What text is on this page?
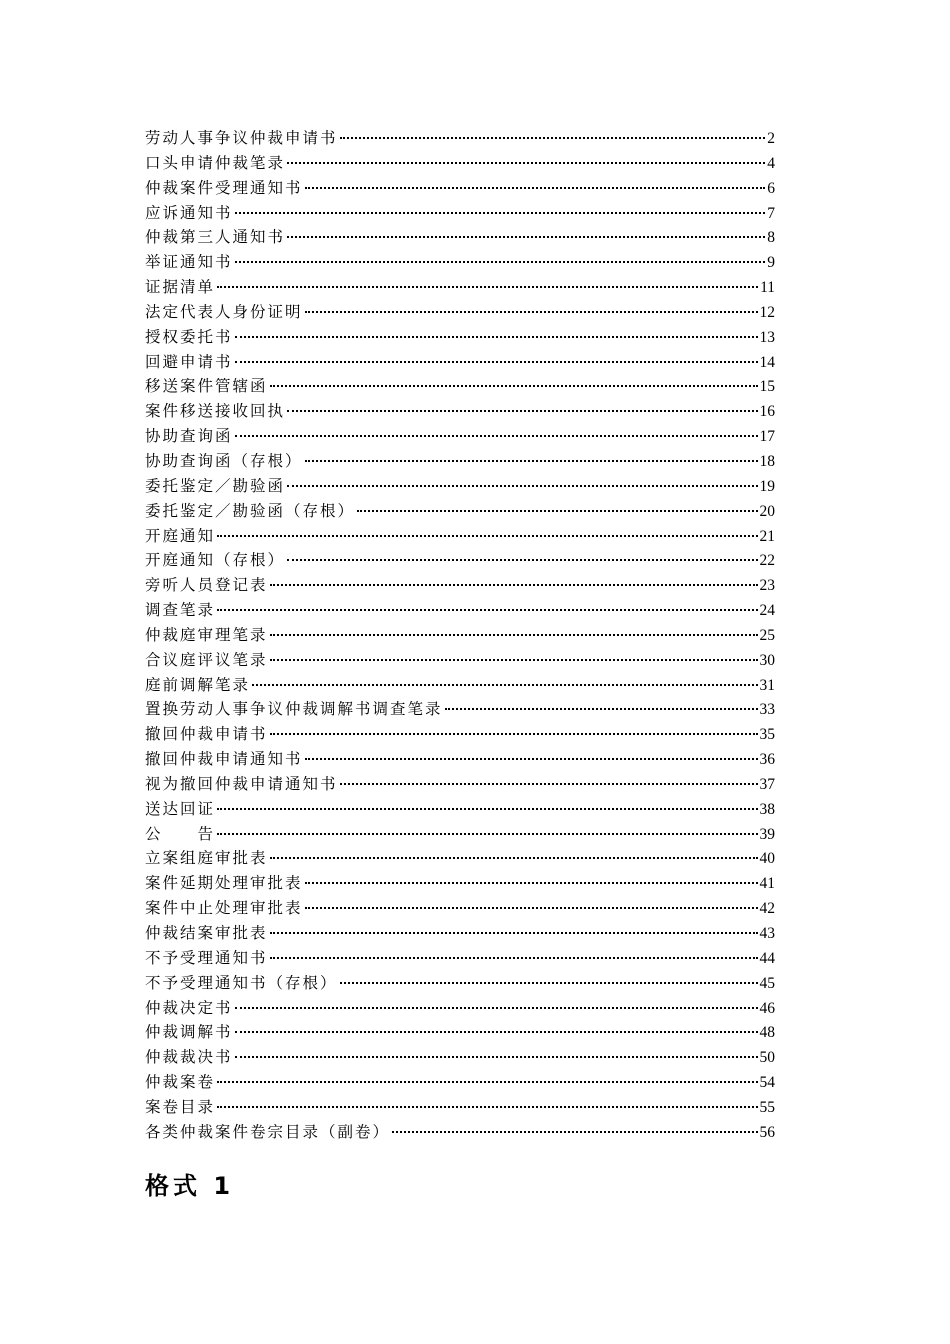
劳动人事争议仲裁申请书	2
口头申请仲裁笔录	4
仲裁案件受理通知书	6
应诉通知书	7
仲裁第三人通知书	8
举证通知书	9
证据清单	11
法定代表人身份证明	12
授权委托书	13
回避申请书	14
移送案件管辖函	15
案件移送接收回执	16
协助查询函	17
协助查询函（存根）	18
委托鉴定／勘验函	19
委托鉴定／勘验函（存根）	20
开庭通知	21
开庭通知（存根）	22
旁听人员登记表	23
调查笔录	24
仲裁庭审理笔录	25
合议庭评议笔录	30
庭前调解笔录	31
置换劳动人事争议仲裁调解书调查笔录	33
撤回仲裁申请书	35
撤回仲裁申请通知书	36
视为撤回仲裁申请通知书	37
送达回证	38
公　　告	39
立案组庭审批表	40
案件延期处理审批表	41
案件中止处理审批表	42
仲裁结案审批表	43
不予受理通知书	44
不予受理通知书（存根）	45
仲裁决定书	46
仲裁调解书	48
仲裁裁决书	50
仲裁案卷	54
案卷目录	55
各类仲裁案件卷宗目录（副卷）	56
格式 1
